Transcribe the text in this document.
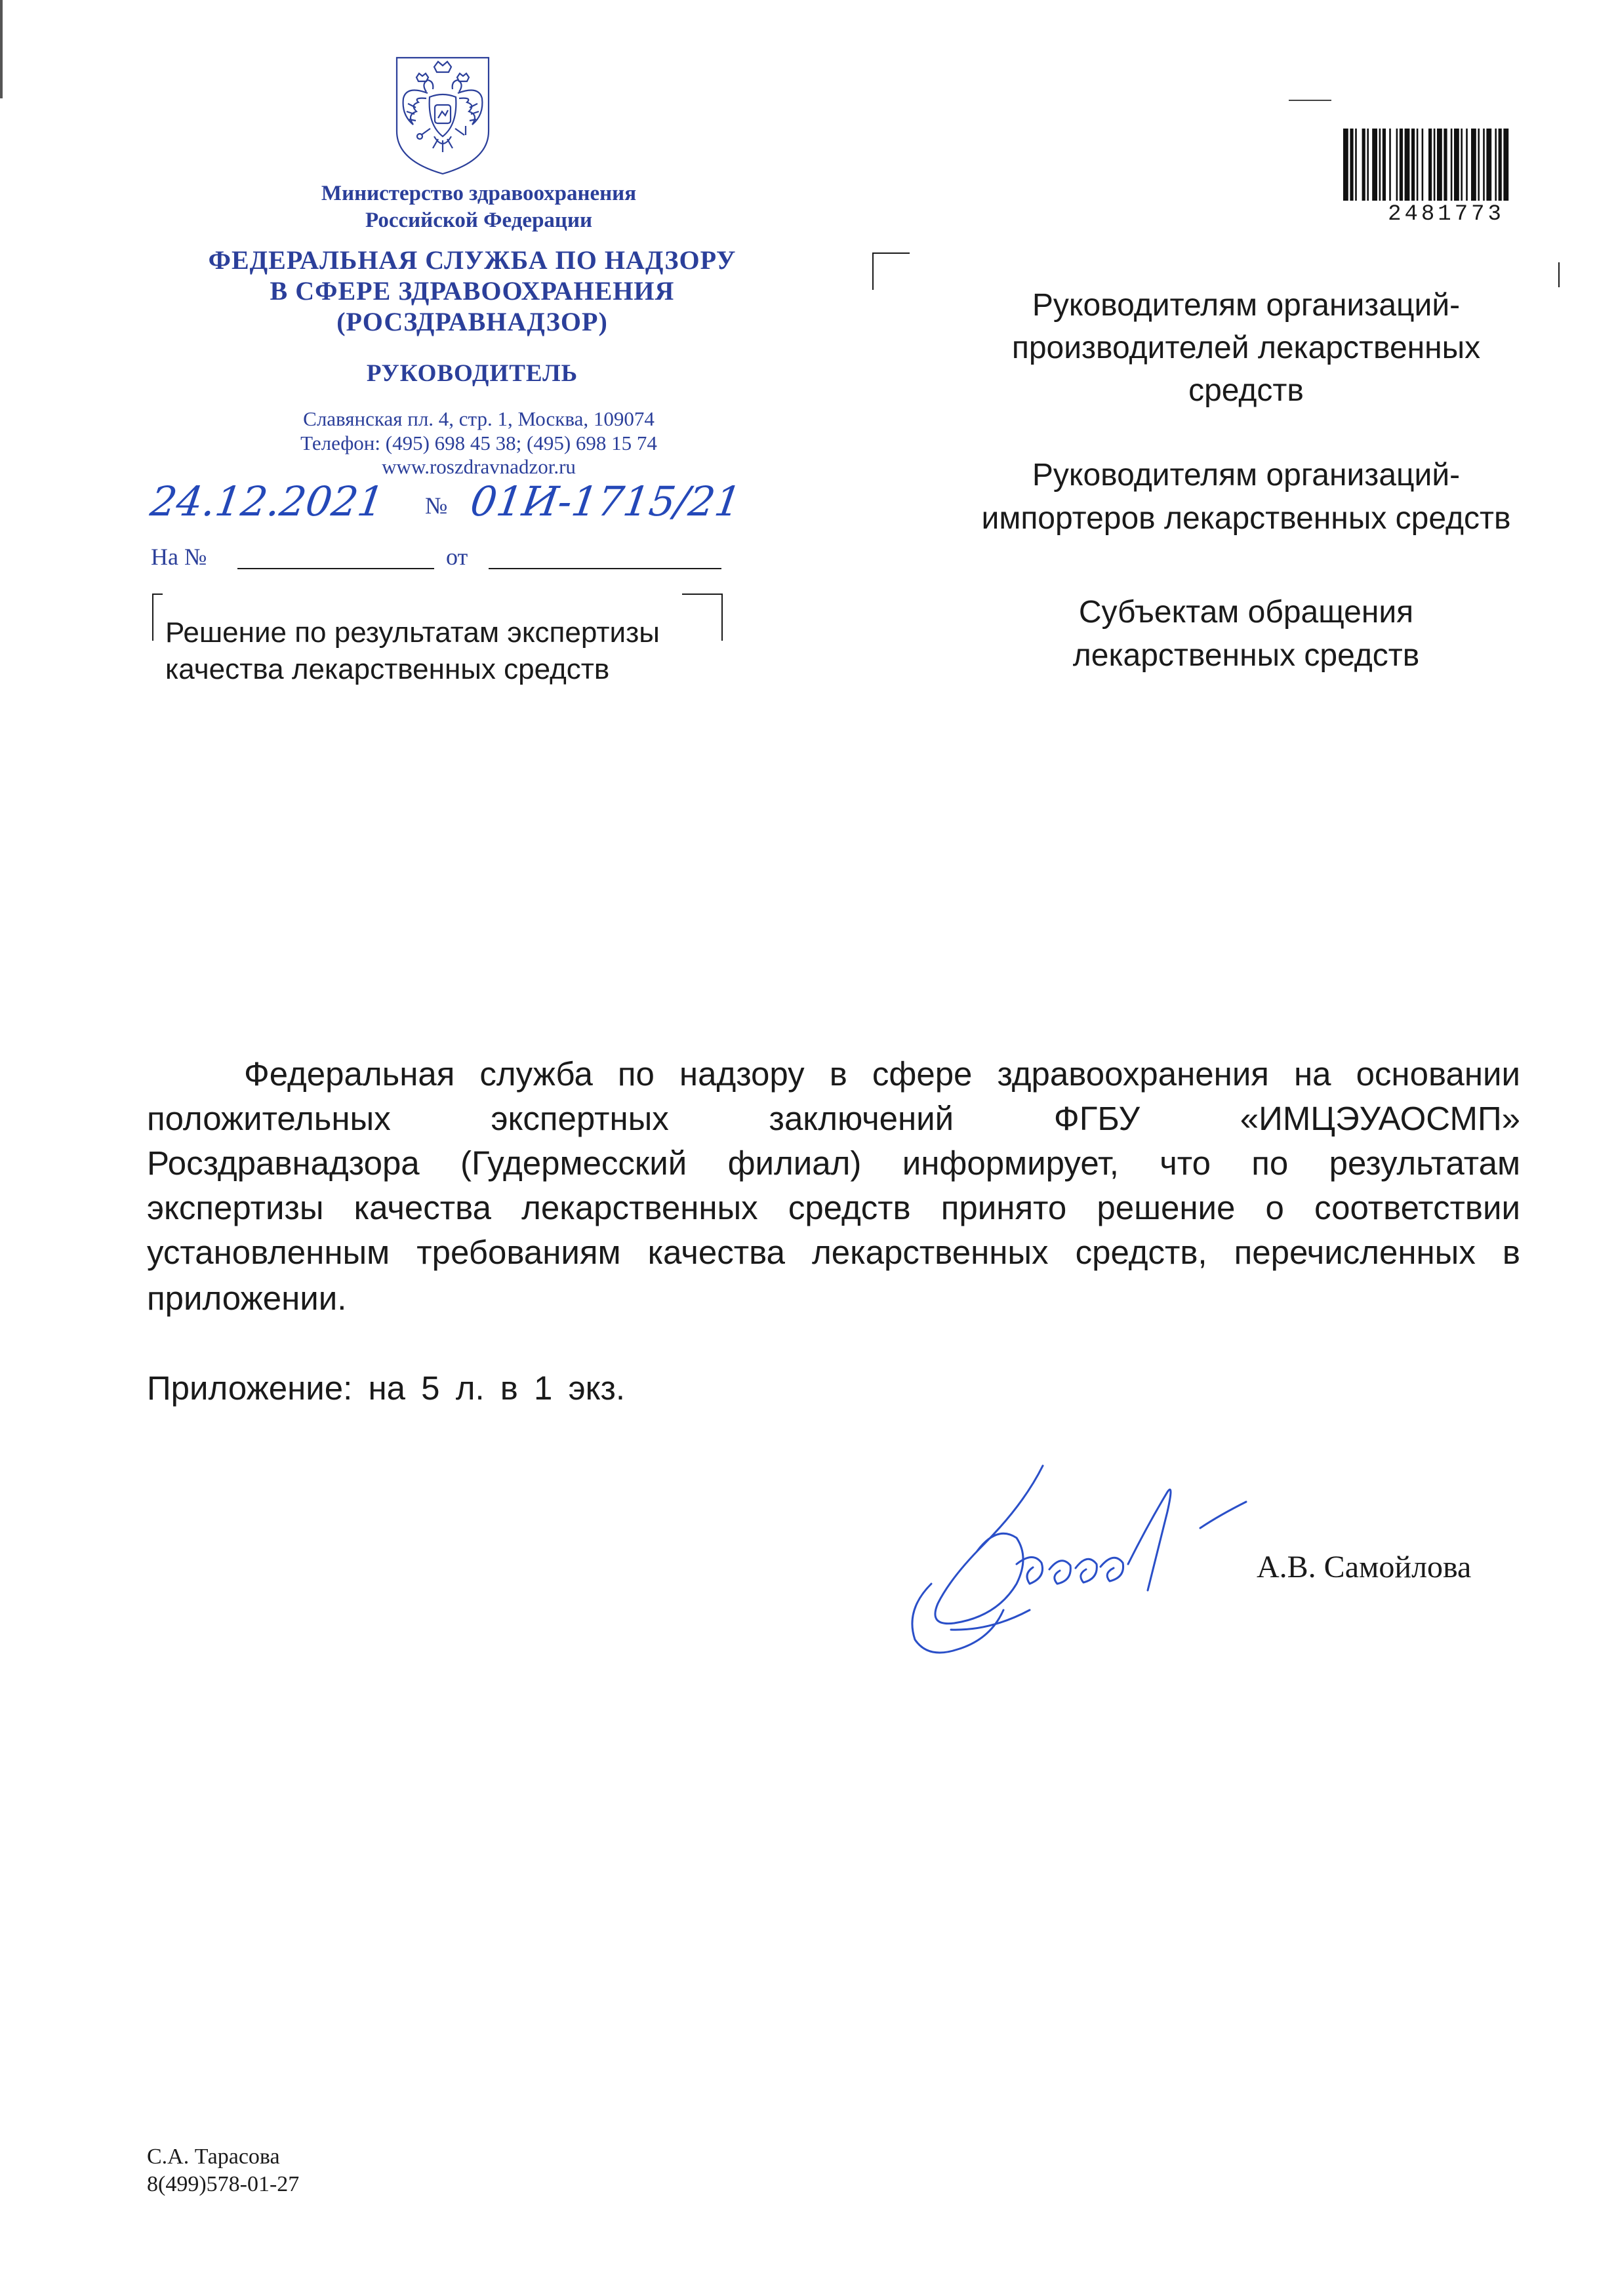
Министерство здравоохранения
Российской Федерации
ФЕДЕРАЛЬНАЯ СЛУЖБА ПО НАДЗОРУ
В СФЕРЕ ЗДРАВООХРАНЕНИЯ
(РОСЗДРАВНАДЗОР)
РУКОВОДИТЕЛЬ
Славянская пл. 4, стр. 1, Москва, 109074
Телефон: (495) 698 45 38; (495) 698 15 74
www.roszdravnadzor.ru
24.12.2021 № 01И-1715/21
На №	от
Решение по результатам экспертизы
качества лекарственных средств
2481773
Руководителям организаций-
производителей лекарственных
средств
Руководителям организаций-
импортеров лекарственных средств
Субъектам обращения
лекарственных средств
Федеральная служба по надзору в сфере здравоохранения на основании
положительных экспертных заключений ФГБУ «ИМЦЭУАОСМП»
Росздравнадзора (Гудермесский филиал) информирует, что по результатам
экспертизы качества лекарственных средств принято решение о соответствии
установленным требованиям качества лекарственных средств, перечисленных в
приложении.
Приложение: на 5 л. в 1 экз.
А.В. Самойлова
С.А. Тарасова
8(499)578-01-27
